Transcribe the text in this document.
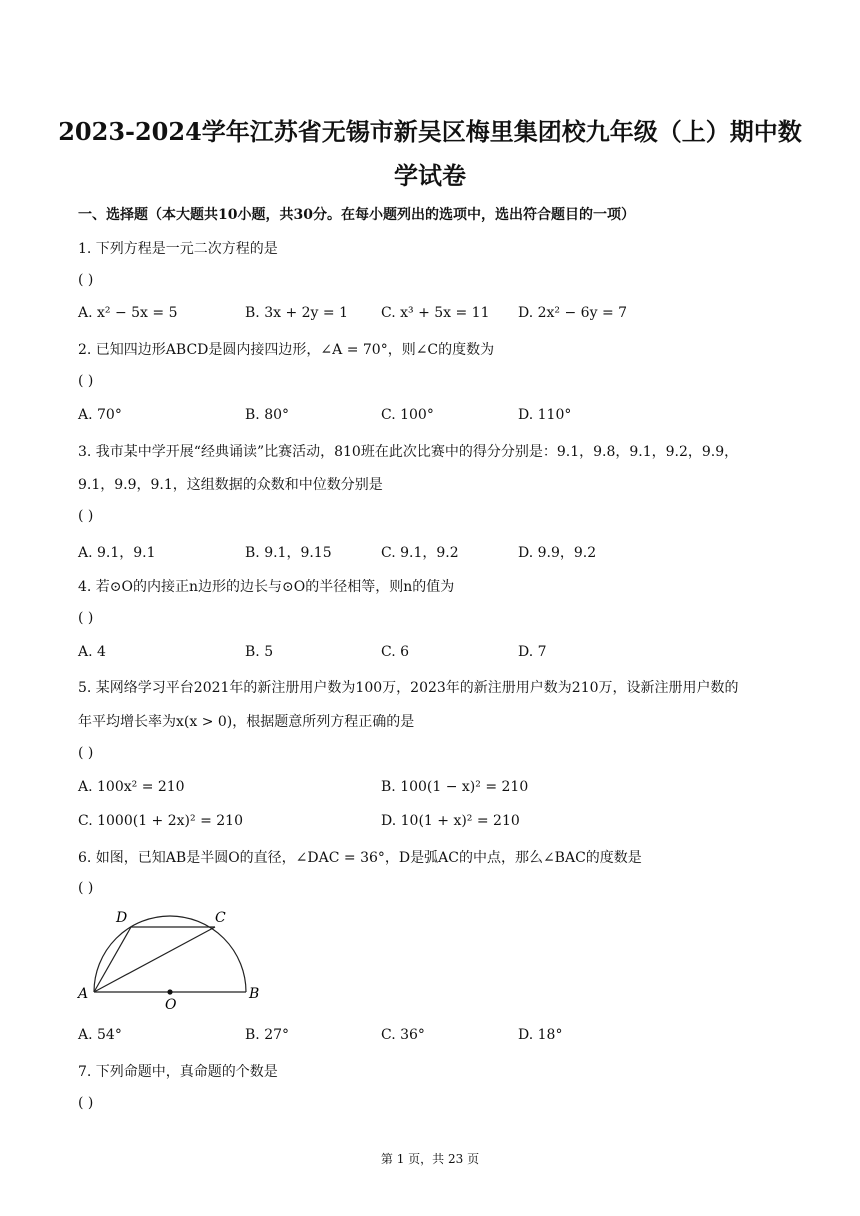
2023-2024学年江苏省无锡市新吴区梅里集团校九年级（上）期中数
学试卷
一、选择题（本大题共10小题，共30分。在每小题列出的选项中，选出符合题目的一项）
1. 下列方程是一元二次方程的是
( )
A. x² − 5x = 5	B. 3x + 2y = 1 C. x³ + 5x = 11 D. 2x² − 6y = 7
2. 已知四边形ABCD是圆内接四边形，∠A = 70°，则∠C的度数为
( )
A. 70°	B. 80°	C. 100°	D. 110°
3. 我市某中学开展“经典诵读”比赛活动，810班在此次比赛中的得分分别是：9.1，9.8，9.1，9.2，9.9，
9.1，9.9，9.1，这组数据的众数和中位数分别是
( )
A. 9.1，9.1	B. 9.1，9.15	C. 9.1，9.2	D. 9.9，9.2
4. 若⊙O的内接正n边形的边长与⊙O的半径相等，则n的值为
( )
A. 4	B. 5	C. 6	D. 7
5. 某网络学习平台2021年的新注册用户数为100万，2023年的新注册用户数为210万，设新注册用户数的
年平均增长率为x(x > 0)，根据题意所列方程正确的是
( )
A. 100x² = 210	B. 100(1 − x)² = 210
C. 1000(1 + 2x)² = 210	D. 10(1 + x)² = 210
6. 如图，已知AB是半圆O的直径，∠DAC = 36°，D是弧AC的中点，那么∠BAC的度数是
( )
A	B
C
D
O
A. 54°	B. 27°	C. 36°	D. 18°
7. 下列命题中，真命题的个数是
( )
第 1 页，共 23 页
